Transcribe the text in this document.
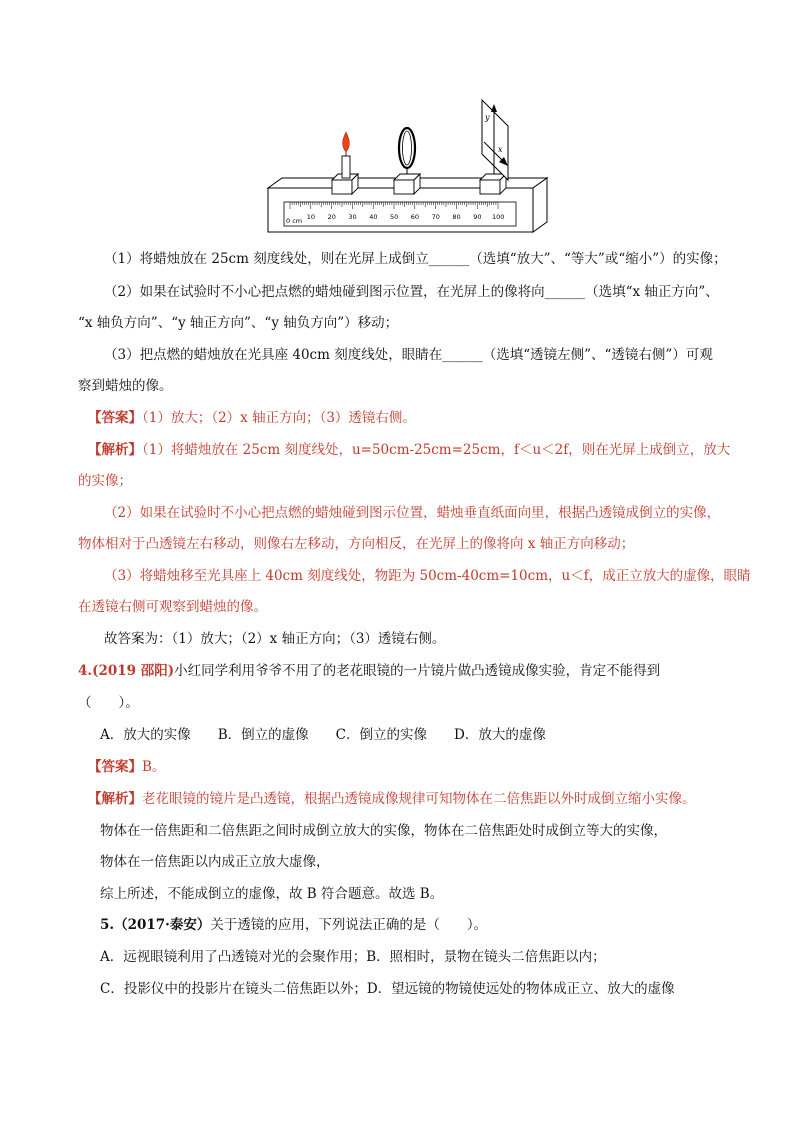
0 cm 10 20 30 40 50 60 70 80 90 100
y
x
（1）将蜡烛放在 25cm 刻度线处，则在光屏上成倒立______（选填“放大”、“等大”或“缩小”）的实像；
（2）如果在试验时不小心把点燃的蜡烛碰到图示位置，在光屏上的像将向______（选填“x 轴正方向”、
“x 轴负方向”、“y 轴正方向”、“y 轴负方向”）移动；
（3）把点燃的蜡烛放在光具座 40cm 刻度线处，眼睛在______（选填“透镜左侧”、“透镜右侧”）可观
察到蜡烛的像。
【答案】（1）放大；（2）x 轴正方向；（3）透镜右侧。
【解析】（1）将蜡烛放在 25cm 刻度线处，u=50cm-25cm=25cm，f＜u＜2f，则在光屏上成倒立，放大
的实像；
（2）如果在试验时不小心把点燃的蜡烛碰到图示位置，蜡烛垂直纸面向里，根据凸透镜成倒立的实像，
物体相对于凸透镜左右移动，则像右左移动，方向相反，在光屏上的像将向 x 轴正方向移动；
（3）将蜡烛移至光具座上 40cm 刻度线处，物距为 50cm-40cm=10cm，u＜f，成正立放大的虚像，眼睛
在透镜右侧可观察到蜡烛的像。
故答案为：（1）放大；（2）x 轴正方向；（3）透镜右侧。
4.(2019 邵阳)小红同学利用爷爷不用了的老花眼镜的一片镜片做凸透镜成像实验，肯定不能得到
（　　）。
A．放大的实像　　B．倒立的虚像　　C．倒立的实像　　D．放大的虚像
【答案】B。
【解析】老花眼镜的镜片是凸透镜，根据凸透镜成像规律可知物体在二倍焦距以外时成倒立缩小实像。
物体在一倍焦距和二倍焦距之间时成倒立放大的实像，物体在二倍焦距处时成倒立等大的实像，
物体在一倍焦距以内成正立放大虚像，
综上所述，不能成倒立的虚像，故 B 符合题意。故选 B。
5.（2017·泰安）关于透镜的应用，下列说法正确的是（　　）。
A．远视眼镜利用了凸透镜对光的会聚作用；B．照相时，景物在镜头二倍焦距以内；
C．投影仪中的投影片在镜头二倍焦距以外；D．望远镜的物镜使远处的物体成正立、放大的虚像
